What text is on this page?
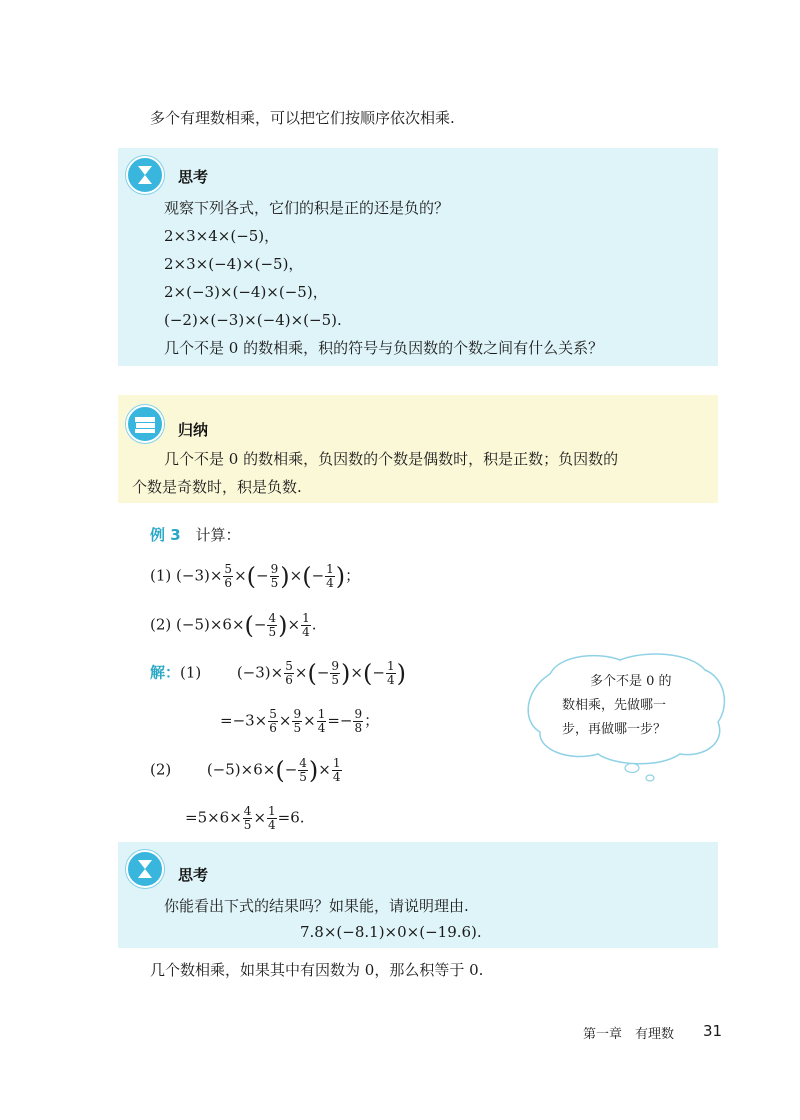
多个有理数相乘，可以把它们按顺序依次相乘.
思考
观察下列各式，它们的积是正的还是负的？
2×3×4×(−5)，
2×3×(−4)×(−5)，
2×(−3)×(−4)×(−5)，
(−2)×(−3)×(−4)×(−5).
几个不是 0 的数相乘，积的符号与负因数的个数之间有什么关系？
归纳
几个不是 0 的数相乘，负因数的个数是偶数时，积是正数；负因数的
个数是奇数时，积是负数.
例 3 计算：
(1) $(-3)\times \frac{5}{6}$ ×(− $\frac{9}{5}$ )×(− $\frac{1}{4}$ )；
(2) $(-5)\times 6\times(- \frac{4}{5}$ )× $\frac{1}{4}$ .
解：(1) $(-3)\times \frac{5}{6}$ ×(− $\frac{9}{5}$ )×(− $\frac{1}{4}$ )
$=-3\times \frac{5}{6} \times \frac{9}{5} \times \frac{1}{4} =- \frac{9}{8}$ ；
(2) $(-5)\times 6\times(- \frac{4}{5}$ )× $\frac{1}{4}$
$=5\times 6\times \frac{4}{5} \times \frac{1}{4} =6$.
多个不是 0 的
数相乘，先做哪一
步，再做哪一步？
思考
你能看出下式的结果吗？如果能，请说明理由.
7.8×(−8.1)×0×(−19.6).
几个数相乘，如果其中有因数为 0，那么积等于 0.
第一章　有理数 31
